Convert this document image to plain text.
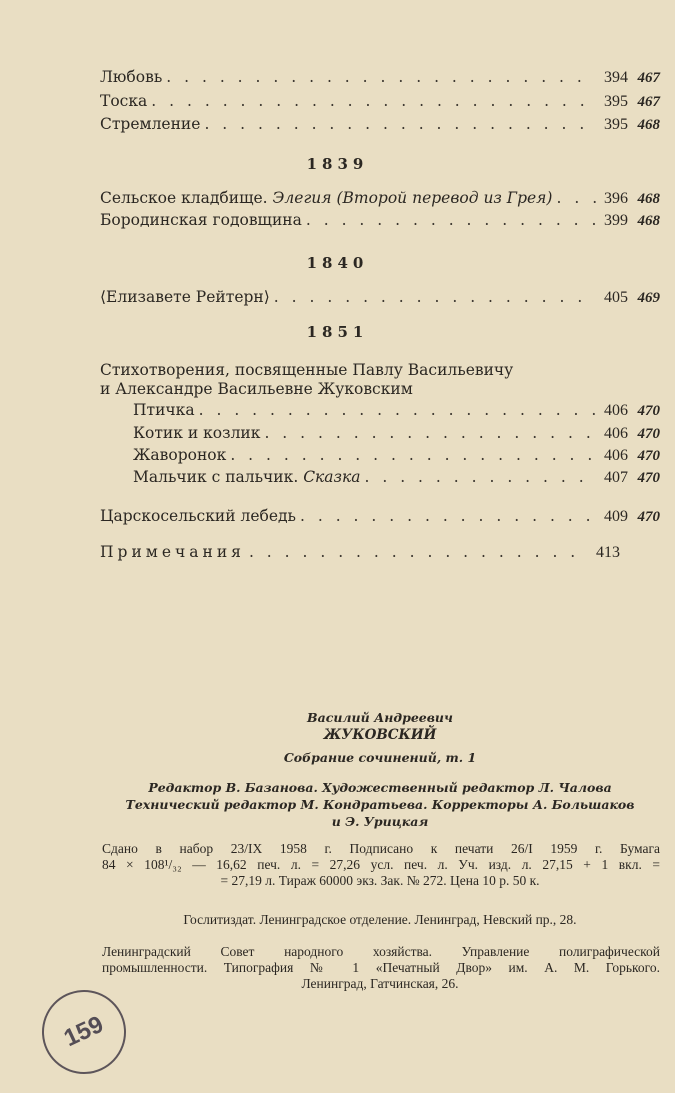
Любовь . . .	394 467
Тоска . . .	395 467
Стремление . . .	395 468
1839
Сельское кладбище. Элегия (Второй перевод из Грея) . . .	396 468
Бородинская годовщина . . .	399 468
1840
⟨Елизавете Рейтерн⟩ . . .	405 469
1851
Стихотворения, посвященные Павлу Васильевичу
и Александре Васильевне Жуковским
Птичка . . .	406 470
Котик и козлик . . .	406 470
Жаворонок . . .	406 470
Мальчик с пальчик. Сказка . . .	407 470
Царскосельский лебедь . . .	409 470
Примечания . . .	413
Василий Андреевич
ЖУКОВСКИЙ
Собрание сочинений, т. 1
Редактор В. Базанова. Художественный редактор Л. Чалова
Технический редактор М. Кондратьева. Корректоры А. Большаков
и Э. Урицкая
Сдано в набор 23/IX 1958 г. Подписано к печати 26/I 1959 г. Бумага
84 × 108¹/₃₂ — 16,62 печ. л. = 27,26 усл. печ. л. Уч. изд. л. 27,15 + 1 вкл. =
= 27,19 л. Тираж 60000 экз. Зак. № 272. Цена 10 р. 50 к.
Гослитиздат. Ленинградское отделение. Ленинград, Невский пр., 28.
Ленинградский Совет народного хозяйства. Управление полиграфической
промышленности. Типография № 1 «Печатный Двор» им. А. М. Горького.
Ленинград, Гатчинская, 26.
159
